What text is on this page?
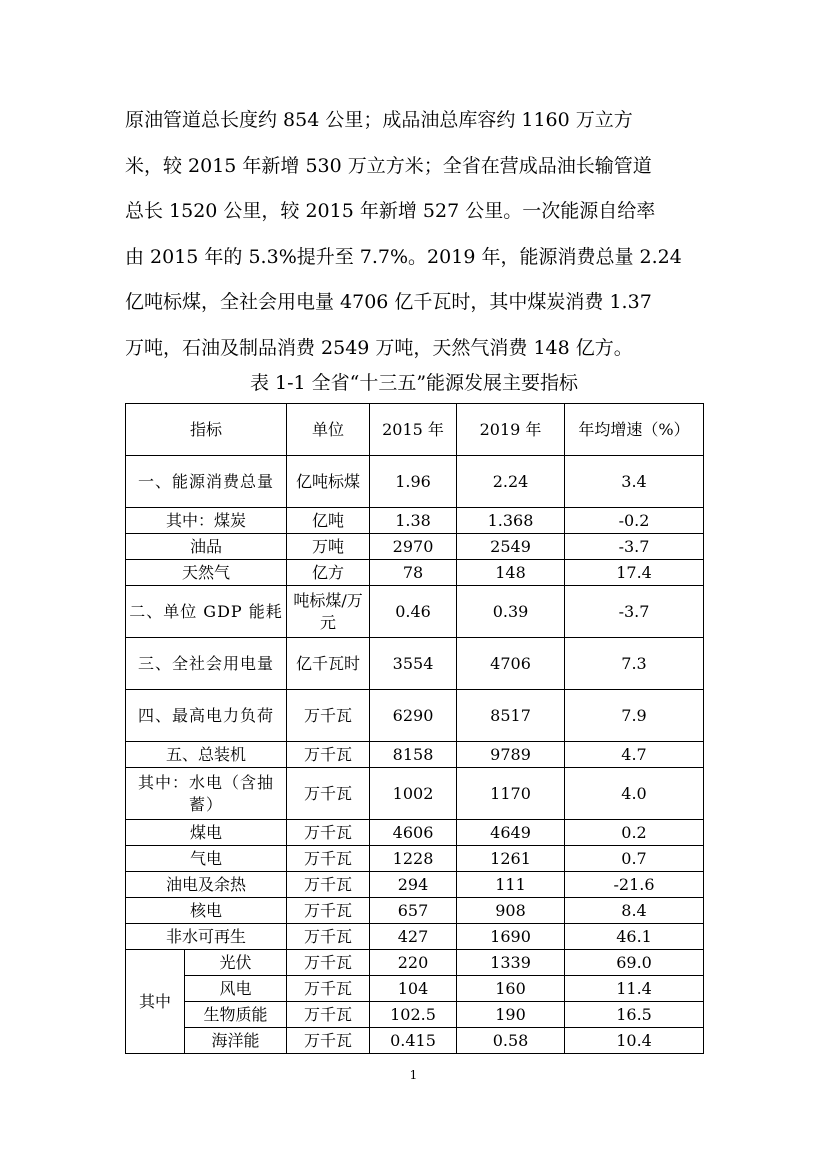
原油管道总长度约 854 公里；成品油总库容约 1160 万立方
米，较 2015 年新增 530 万立方米；全省在营成品油长输管道
总长 1520 公里，较 2015 年新增 527 公里。一次能源自给率
由 2015 年的 5.3%提升至 7.7%。2019 年，能源消费总量 2.24
亿吨标煤，全社会用电量 4706 亿千瓦时，其中煤炭消费 1.37
万吨，石油及制品消费 2549 万吨，天然气消费 148 亿方。
表 1-1 全省“十三五”能源发展主要指标
指标		单位	2015 年	2019 年	年均增速（%）
一、能源消费总量		亿吨标煤	1.96	2.24	3.4
其中：煤炭		亿吨	1.38	1.368	-0.2
油品		万吨	2970	2549	-3.7
天然气		亿方	78	148	17.4
二、单位 GDP 能耗		吨标煤/万元	0.46	0.39	-3.7
三、全社会用电量		亿千瓦时	3554	4706	7.3
四、最高电力负荷		万千瓦	6290	8517	7.9
五、总装机		万千瓦	8158	9789	4.7
其中：水电（含抽蓄）		万千瓦	1002	1170	4.0
煤电		万千瓦	4606	4649	0.2
气电		万千瓦	1228	1261	0.7
油电及余热		万千瓦	294	111	-21.6
核电		万千瓦	657	908	8.4
非水可再生		万千瓦	427	1690	46.1
其中	光伏	万千瓦	220	1339	69.0
	风电	万千瓦	104	160	11.4
	生物质能	万千瓦	102.5	190	16.5
	海洋能	万千瓦	0.415	0.58	10.4
1
